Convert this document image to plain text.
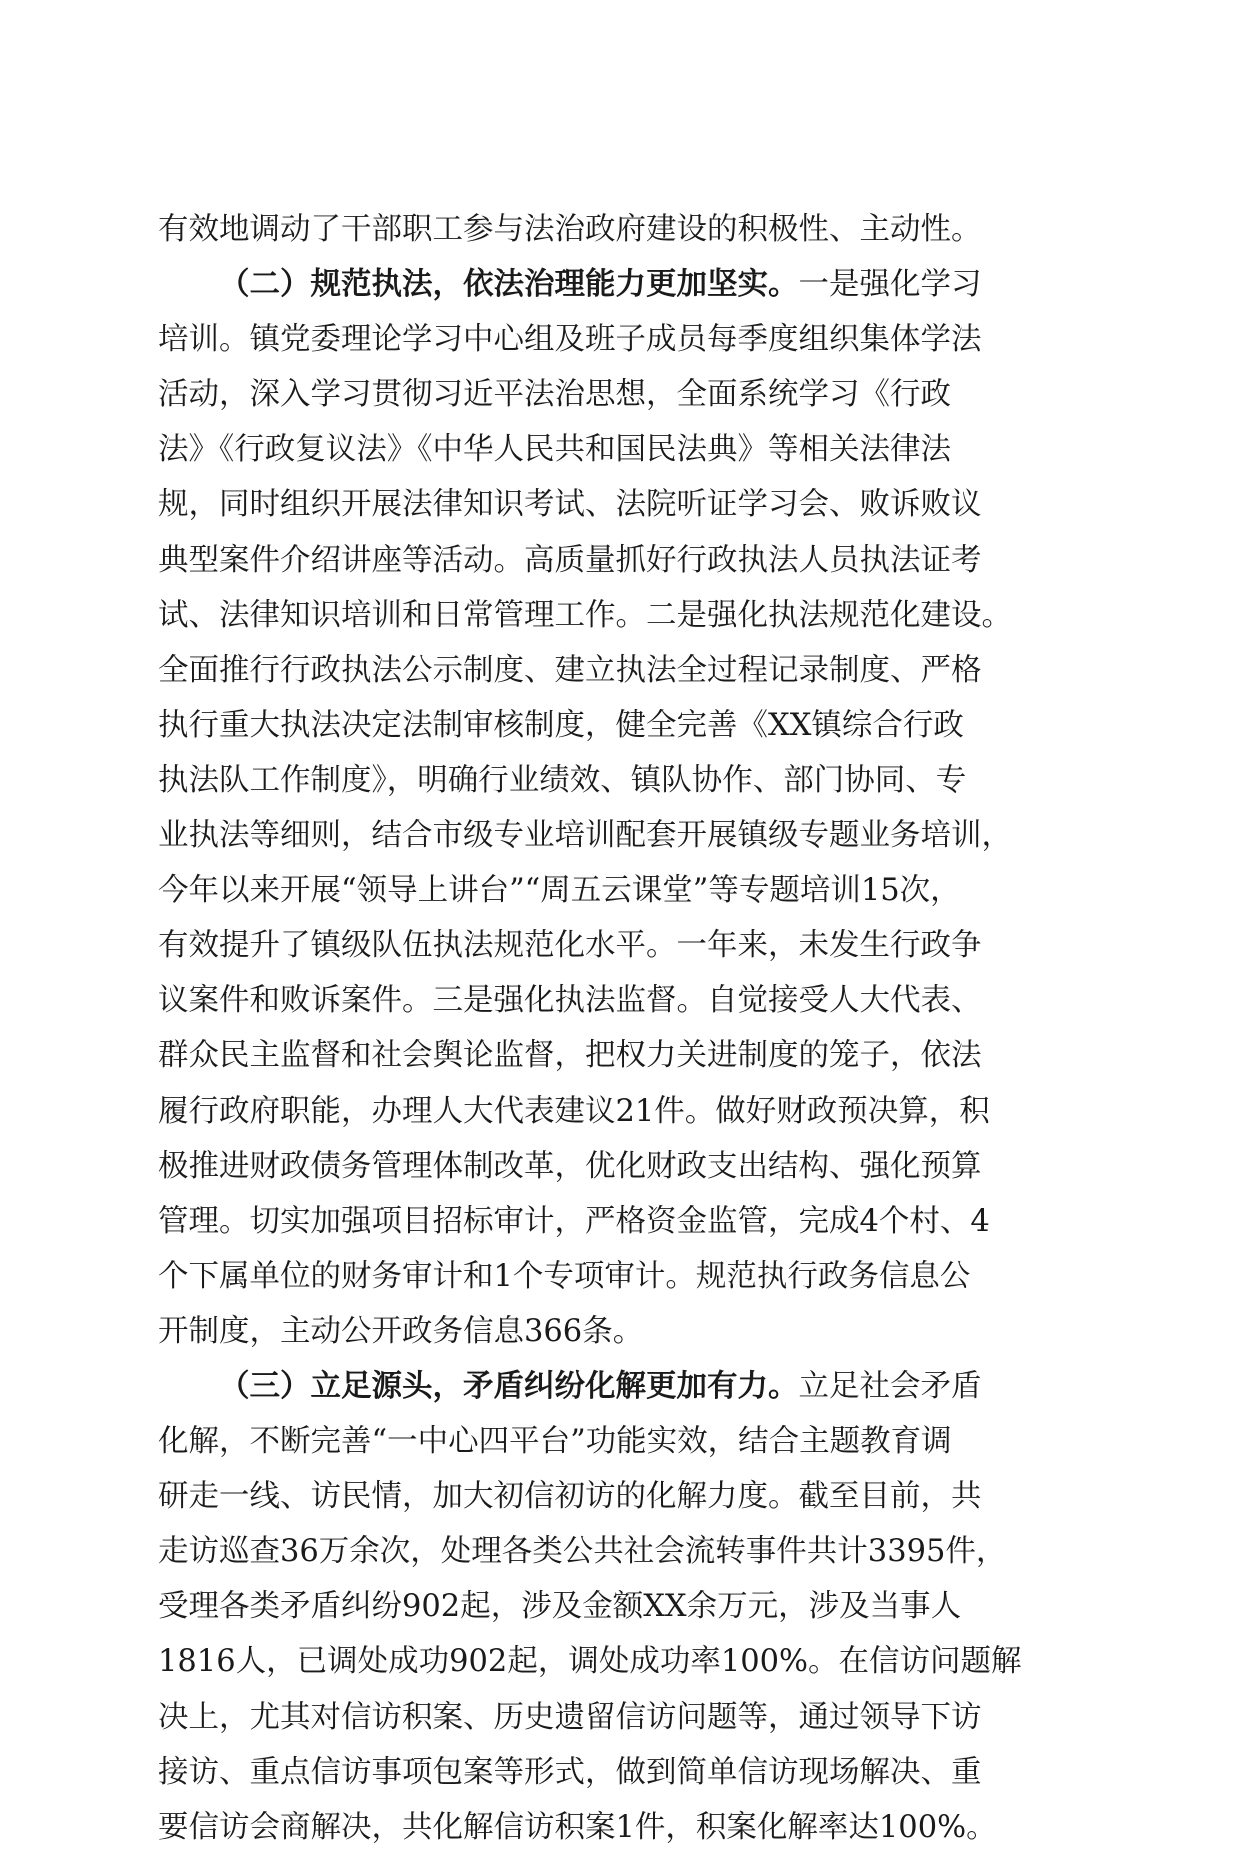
有效地调动了干部职工参与法治政府建设的积极性、主动性。
（二）规范执法，依法治理能力更加坚实。一是强化学习
培训。镇党委理论学习中心组及班子成员每季度组织集体学法
活动，深入学习贯彻习近平法治思想，全面系统学习《行政
法》《行政复议法》《中华人民共和国民法典》等相关法律法
规，同时组织开展法律知识考试、法院听证学习会、败诉败议
典型案件介绍讲座等活动。高质量抓好行政执法人员执法证考
试、法律知识培训和日常管理工作。二是强化执法规范化建设。
全面推行行政执法公示制度、建立执法全过程记录制度、严格
执行重大执法决定法制审核制度，健全完善《XX镇综合行政
执法队工作制度》，明确行业绩效、镇队协作、部门协同、专
业执法等细则，结合市级专业培训配套开展镇级专题业务培训，
今年以来开展“领导上讲台”“周五云课堂”等专题培训15次，
有效提升了镇级队伍执法规范化水平。一年来，未发生行政争
议案件和败诉案件。三是强化执法监督。自觉接受人大代表、
群众民主监督和社会舆论监督，把权力关进制度的笼子，依法
履行政府职能，办理人大代表建议21件。做好财政预决算，积
极推进财政债务管理体制改革，优化财政支出结构、强化预算
管理。切实加强项目招标审计，严格资金监管，完成4个村、4
个下属单位的财务审计和1个专项审计。规范执行政务信息公
开制度，主动公开政务信息366条。
（三）立足源头，矛盾纠纷化解更加有力。立足社会矛盾
化解，不断完善“一中心四平台”功能实效，结合主题教育调
研走一线、访民情，加大初信初访的化解力度。截至目前，共
走访巡查36万余次，处理各类公共社会流转事件共计3395件，
受理各类矛盾纠纷902起，涉及金额XX余万元，涉及当事人
1816人，已调处成功902起，调处成功率100%。在信访问题解
决上，尤其对信访积案、历史遗留信访问题等，通过领导下访
接访、重点信访事项包案等形式，做到简单信访现场解决、重
要信访会商解决，共化解信访积案1件，积案化解率达100%。
